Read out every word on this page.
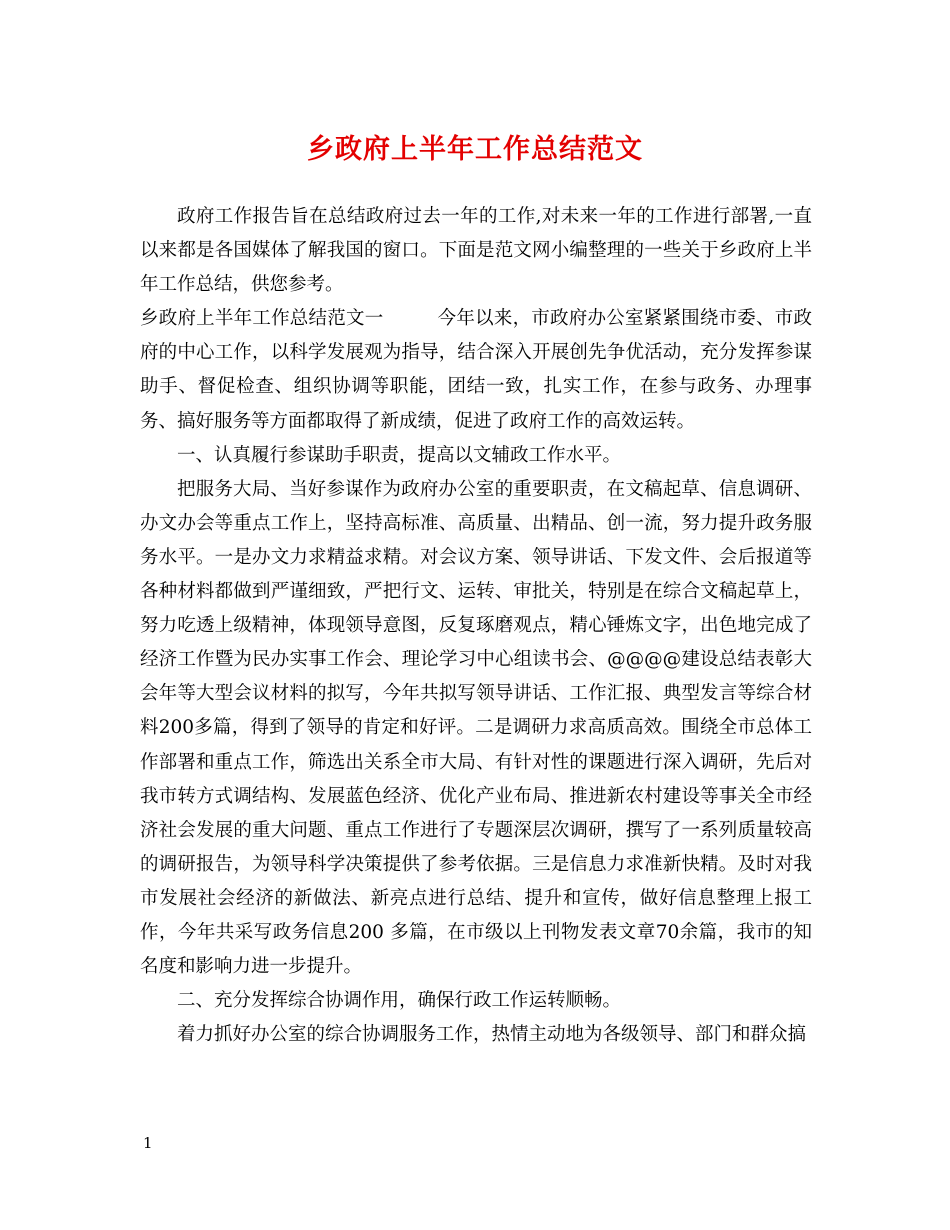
乡政府上半年工作总结范文

政府工作报告旨在总结政府过去一年的工作,对未来一年的工作进行部署,一直以来都是各国媒体了解我国的窗口。下面是范文网小编整理的一些关于乡政府上半年工作总结，供您参考。

乡政府上半年工作总结范文一	今年以来，市政府办公室紧紧围绕市委、市政府的中心工作，以科学发展观为指导，结合深入开展创先争优活动，充分发挥参谋助手、督促检查、组织协调等职能，团结一致，扎实工作，在参与政务、办理事务、搞好服务等方面都取得了新成绩，促进了政府工作的高效运转。

一、认真履行参谋助手职责，提高以文辅政工作水平。

把服务大局、当好参谋作为政府办公室的重要职责，在文稿起草、信息调研、办文办会等重点工作上，坚持高标准、高质量、出精品、创一流，努力提升政务服务水平。一是办文力求精益求精。对会议方案、领导讲话、下发文件、会后报道等各种材料都做到严谨细致，严把行文、运转、审批关，特别是在综合文稿起草上，努力吃透上级精神，体现领导意图，反复琢磨观点，精心锤炼文字，出色地完成了经济工作暨为民办实事工作会、理论学习中心组读书会、@@@@建设总结表彰大会年等大型会议材料的拟写，今年共拟写领导讲话、工作汇报、典型发言等综合材料200多篇，得到了领导的肯定和好评。二是调研力求高质高效。围绕全市总体工作部署和重点工作，筛选出关系全市大局、有针对性的课题进行深入调研，先后对我市转方式调结构、发展蓝色经济、优化产业布局、推进新农村建设等事关全市经济社会发展的重大问题、重点工作进行了专题深层次调研，撰写了一系列质量较高的调研报告，为领导科学决策提供了参考依据。三是信息力求准新快精。及时对我市发展社会经济的新做法、新亮点进行总结、提升和宣传，做好信息整理上报工作，今年共采写政务信息200 多篇，在市级以上刊物发表文章70余篇，我市的知名度和影响力进一步提升。

二、充分发挥综合协调作用，确保行政工作运转顺畅。

着力抓好办公室的综合协调服务工作，热情主动地为各级领导、部门和群众搞

1
